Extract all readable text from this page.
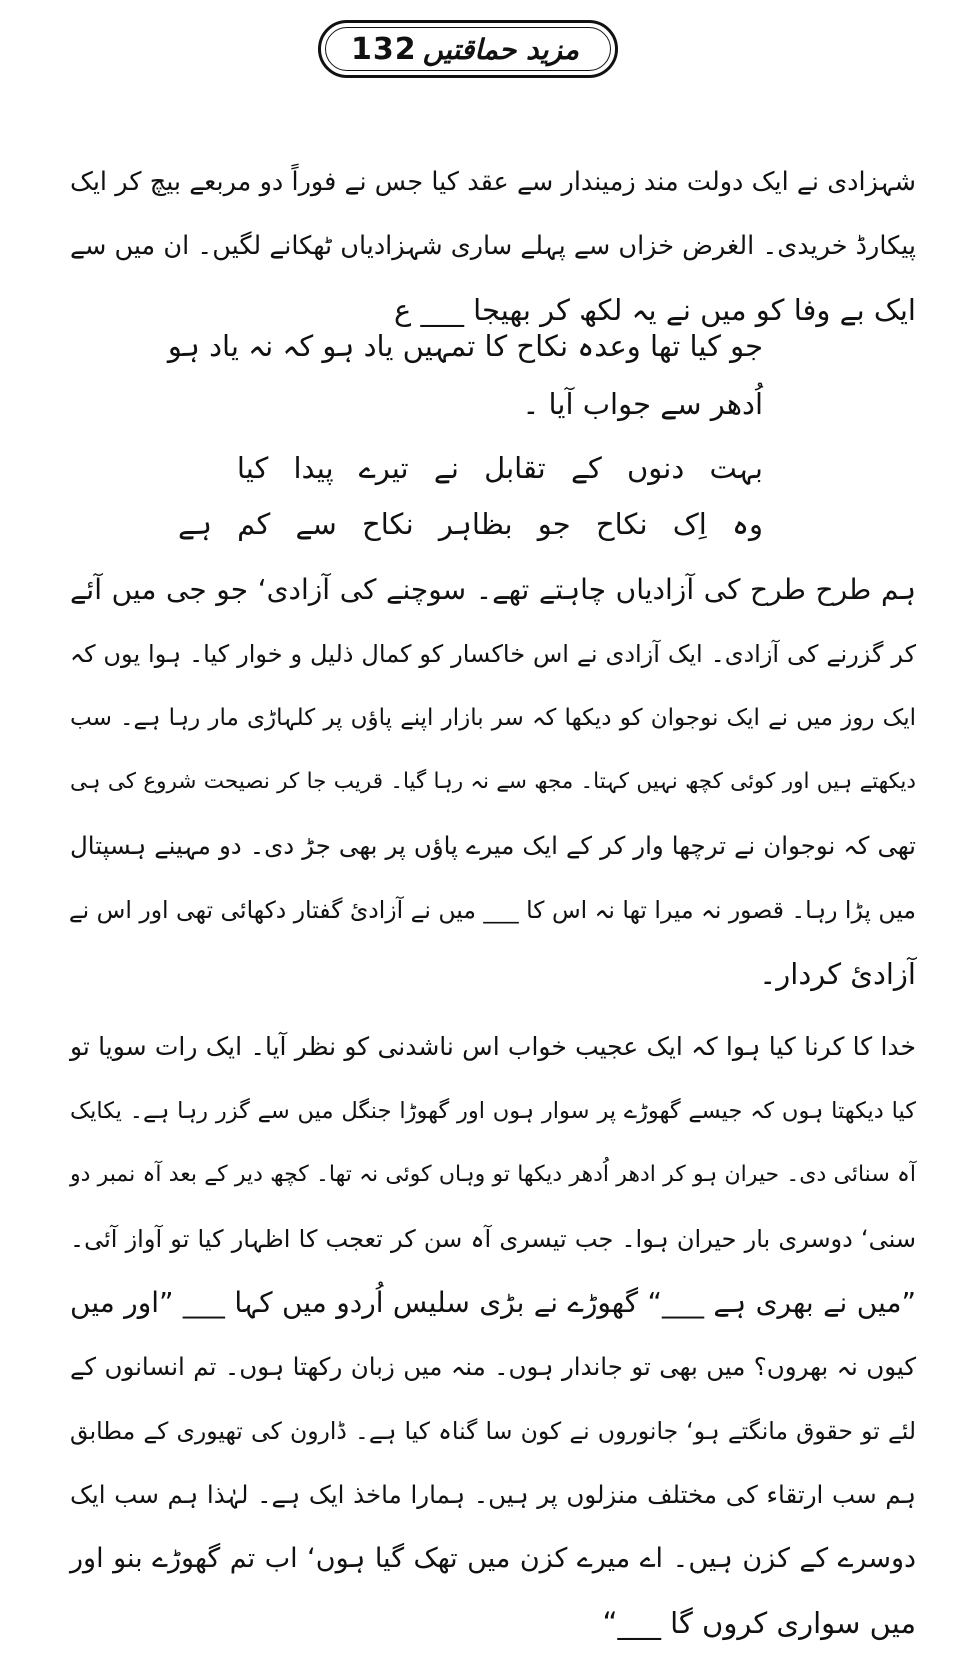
132 مزید حماقتیں
شہزادی نے ایک دولت مند زمیندار سے عقد کیا جس نے فوراً دو مربعے بیچ کر ایک
پیکارڈ خریدی۔ الغرض خزاں سے پہلے ساری شہزادیاں ٹھکانے لگیں۔ ان میں سے
ایک بے وفا کو میں نے یہ لکھ کر بھیجا ___ ع
جو کیا تھا وعدہ نکاح کا تمہیں یاد ہو کہ نہ یاد ہو
اُدھر سے جواب آیا ۔
بہت دنوں کے تقابل نے تیرے پیدا کیا
وہ اِک نکاح جو بظاہر نکاح سے کم ہے
ہم طرح طرح کی آزادیاں چاہتے تھے۔ سوچنے کی آزادی‘ جو جی میں آئے
کر گزرنے کی آزادی۔ ایک آزادی نے اس خاکسار کو کمال ذلیل و خوار کیا۔ ہوا یوں کہ
ایک روز میں نے ایک نوجوان کو دیکھا کہ سر بازار اپنے پاؤں پر کلہاڑی مار رہا ہے۔ سب
دیکھتے ہیں اور کوئی کچھ نہیں کہتا۔ مجھ سے نہ رہا گیا۔ قریب جا کر نصیحت شروع کی ہی
تھی کہ نوجوان نے ترچھا وار کر کے ایک میرے پاؤں پر بھی جڑ دی۔ دو مہینے ہسپتال
میں پڑا رہا۔ قصور نہ میرا تھا نہ اس کا ___ میں نے آزادیٔ گفتار دکھائی تھی اور اس نے
آزادیٔ کردار۔
خدا کا کرنا کیا ہوا کہ ایک عجیب خواب اس ناشدنی کو نظر آیا۔ ایک رات سویا تو
کیا دیکھتا ہوں کہ جیسے گھوڑے پر سوار ہوں اور گھوڑا جنگل میں سے گزر رہا ہے۔ یکایک
آہ سنائی دی۔ حیران ہو کر ادھر اُدھر دیکھا تو وہاں کوئی نہ تھا۔ کچھ دیر کے بعد آہ نمبر دو
سنی‘ دوسری بار حیران ہوا۔ جب تیسری آہ سن کر تعجب کا اظہار کیا تو آواز آئی۔
”میں نے بھری ہے ___“ گھوڑے نے بڑی سلیس اُردو میں کہا ___ ”اور میں
کیوں نہ بھروں؟ میں بھی تو جاندار ہوں۔ منہ میں زبان رکھتا ہوں۔ تم انسانوں کے
لئے تو حقوق مانگتے ہو‘ جانوروں نے کون سا گناہ کیا ہے۔ ڈارون کی تھیوری کے مطابق
ہم سب ارتقاء کی مختلف منزلوں پر ہیں۔ ہمارا ماخذ ایک ہے۔ لہٰذا ہم سب ایک
دوسرے کے کزن ہیں۔ اے میرے کزن میں تھک گیا ہوں‘ اب تم گھوڑے بنو اور
میں سواری کروں گا ___“
